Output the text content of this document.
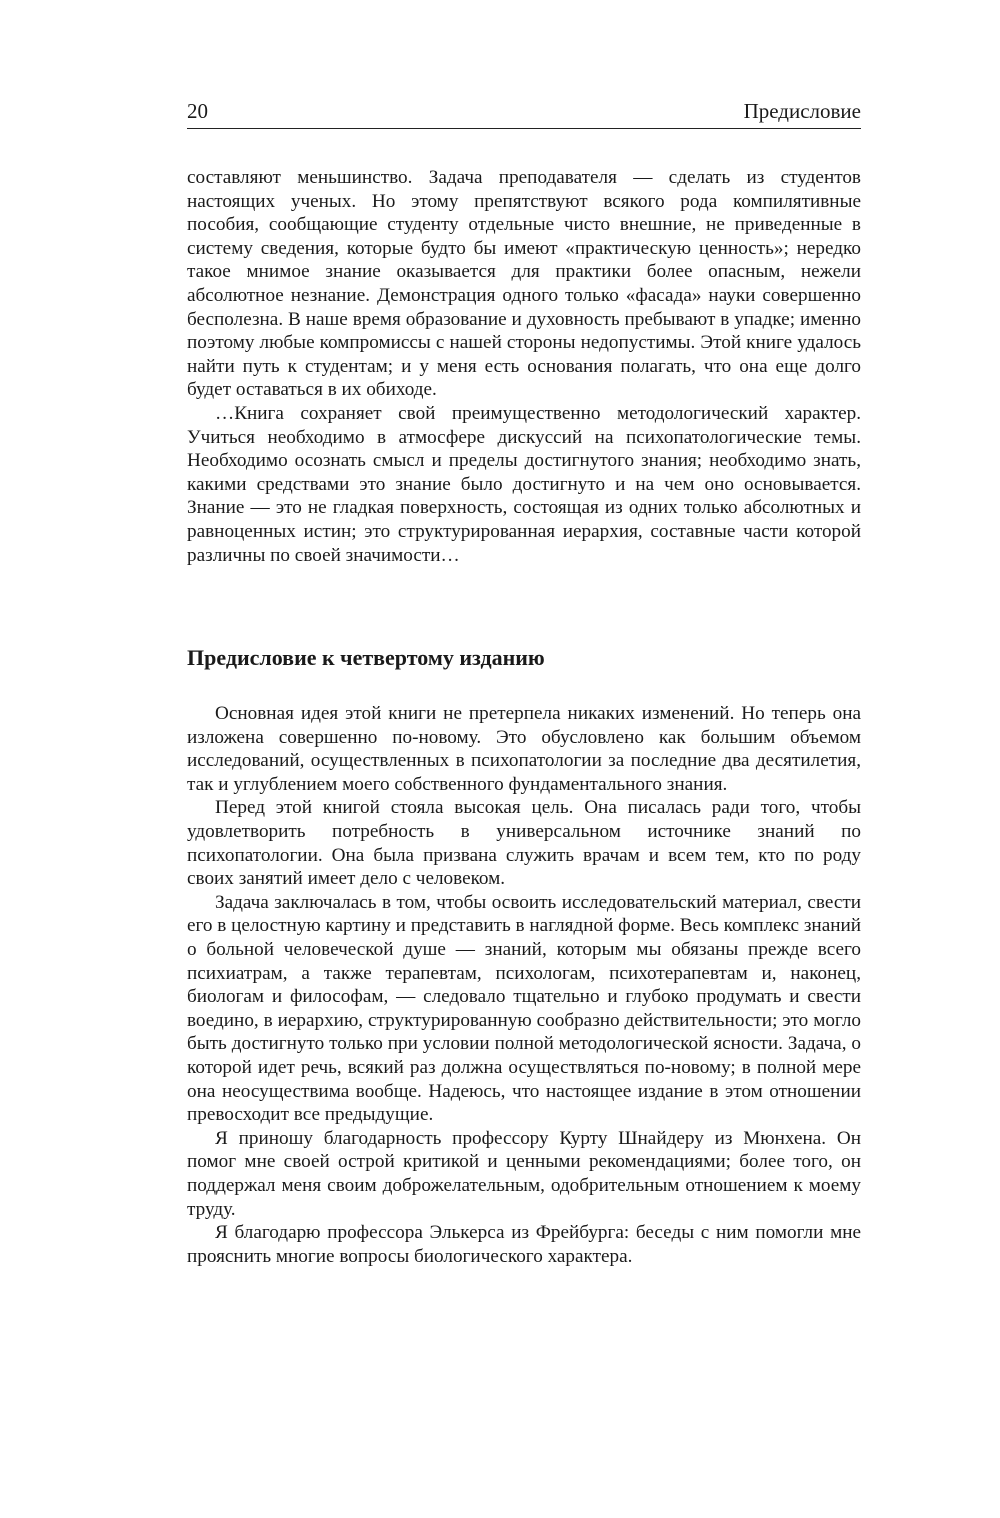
20	Предисловие

составляют меньшинство. Задача преподавателя — сделать из студентов настоящих ученых. Но этому препятствуют всякого рода компилятивные пособия, сообщающие студенту отдельные чисто внешние, не приведенные в систему сведения, которые будто бы имеют «практическую ценность»; нередко такое мнимое знание оказывается для практики более опасным, нежели абсолютное незнание. Демонстрация одного только «фасада» науки совершенно бесполезна. В наше время образование и духовность пребывают в упадке; именно поэтому любые компромиссы с нашей стороны недопустимы. Этой книге удалось найти путь к студентам; и у меня есть основания полагать, что она еще долго будет оставаться в их обиходе.

…Книга сохраняет свой преимущественно методологический характер. Учиться необходимо в атмосфере дискуссий на психопатологические темы. Необходимо осознать смысл и пределы достигнутого знания; необходимо знать, какими средствами это знание было достигнуто и на чем оно основывается. Знание — это не гладкая поверхность, состоящая из одних только абсолютных и равноценных истин; это структурированная иерархия, составные части которой различны по своей значимости…

Предисловие к четвертому изданию

Основная идея этой книги не претерпела никаких изменений. Но теперь она изложена совершенно по-новому. Это обусловлено как большим объемом исследований, осуществленных в психопатологии за последние два десятилетия, так и углублением моего собственного фундаментального знания.

Перед этой книгой стояла высокая цель. Она писалась ради того, чтобы удовлетворить потребность в универсальном источнике знаний по психопатологии. Она была призвана служить врачам и всем тем, кто по роду своих занятий имеет дело с человеком.

Задача заключалась в том, чтобы освоить исследовательский материал, свести его в целостную картину и представить в наглядной форме. Весь комплекс знаний о больной человеческой душе — знаний, которым мы обязаны прежде всего психиатрам, а также терапевтам, психологам, психотерапевтам и, наконец, биологам и философам, — следовало тщательно и глубоко продумать и свести воедино, в иерархию, структурированную сообразно действительности; это могло быть достигнуто только при условии полной методологической ясности. Задача, о которой идет речь, всякий раз должна осуществляться по-новому; в полной мере она неосуществима вообще. Надеюсь, что настоящее издание в этом отношении превосходит все предыдущие.

Я приношу благодарность профессору Курту Шнайдеру из Мюнхена. Он помог мне своей острой критикой и ценными рекомендациями; более того, он поддержал меня своим доброжелательным, одобрительным отношением к моему труду.

Я благодарю профессора Элькерса из Фрейбурга: беседы с ним помогли мне прояснить многие вопросы биологического характера.
